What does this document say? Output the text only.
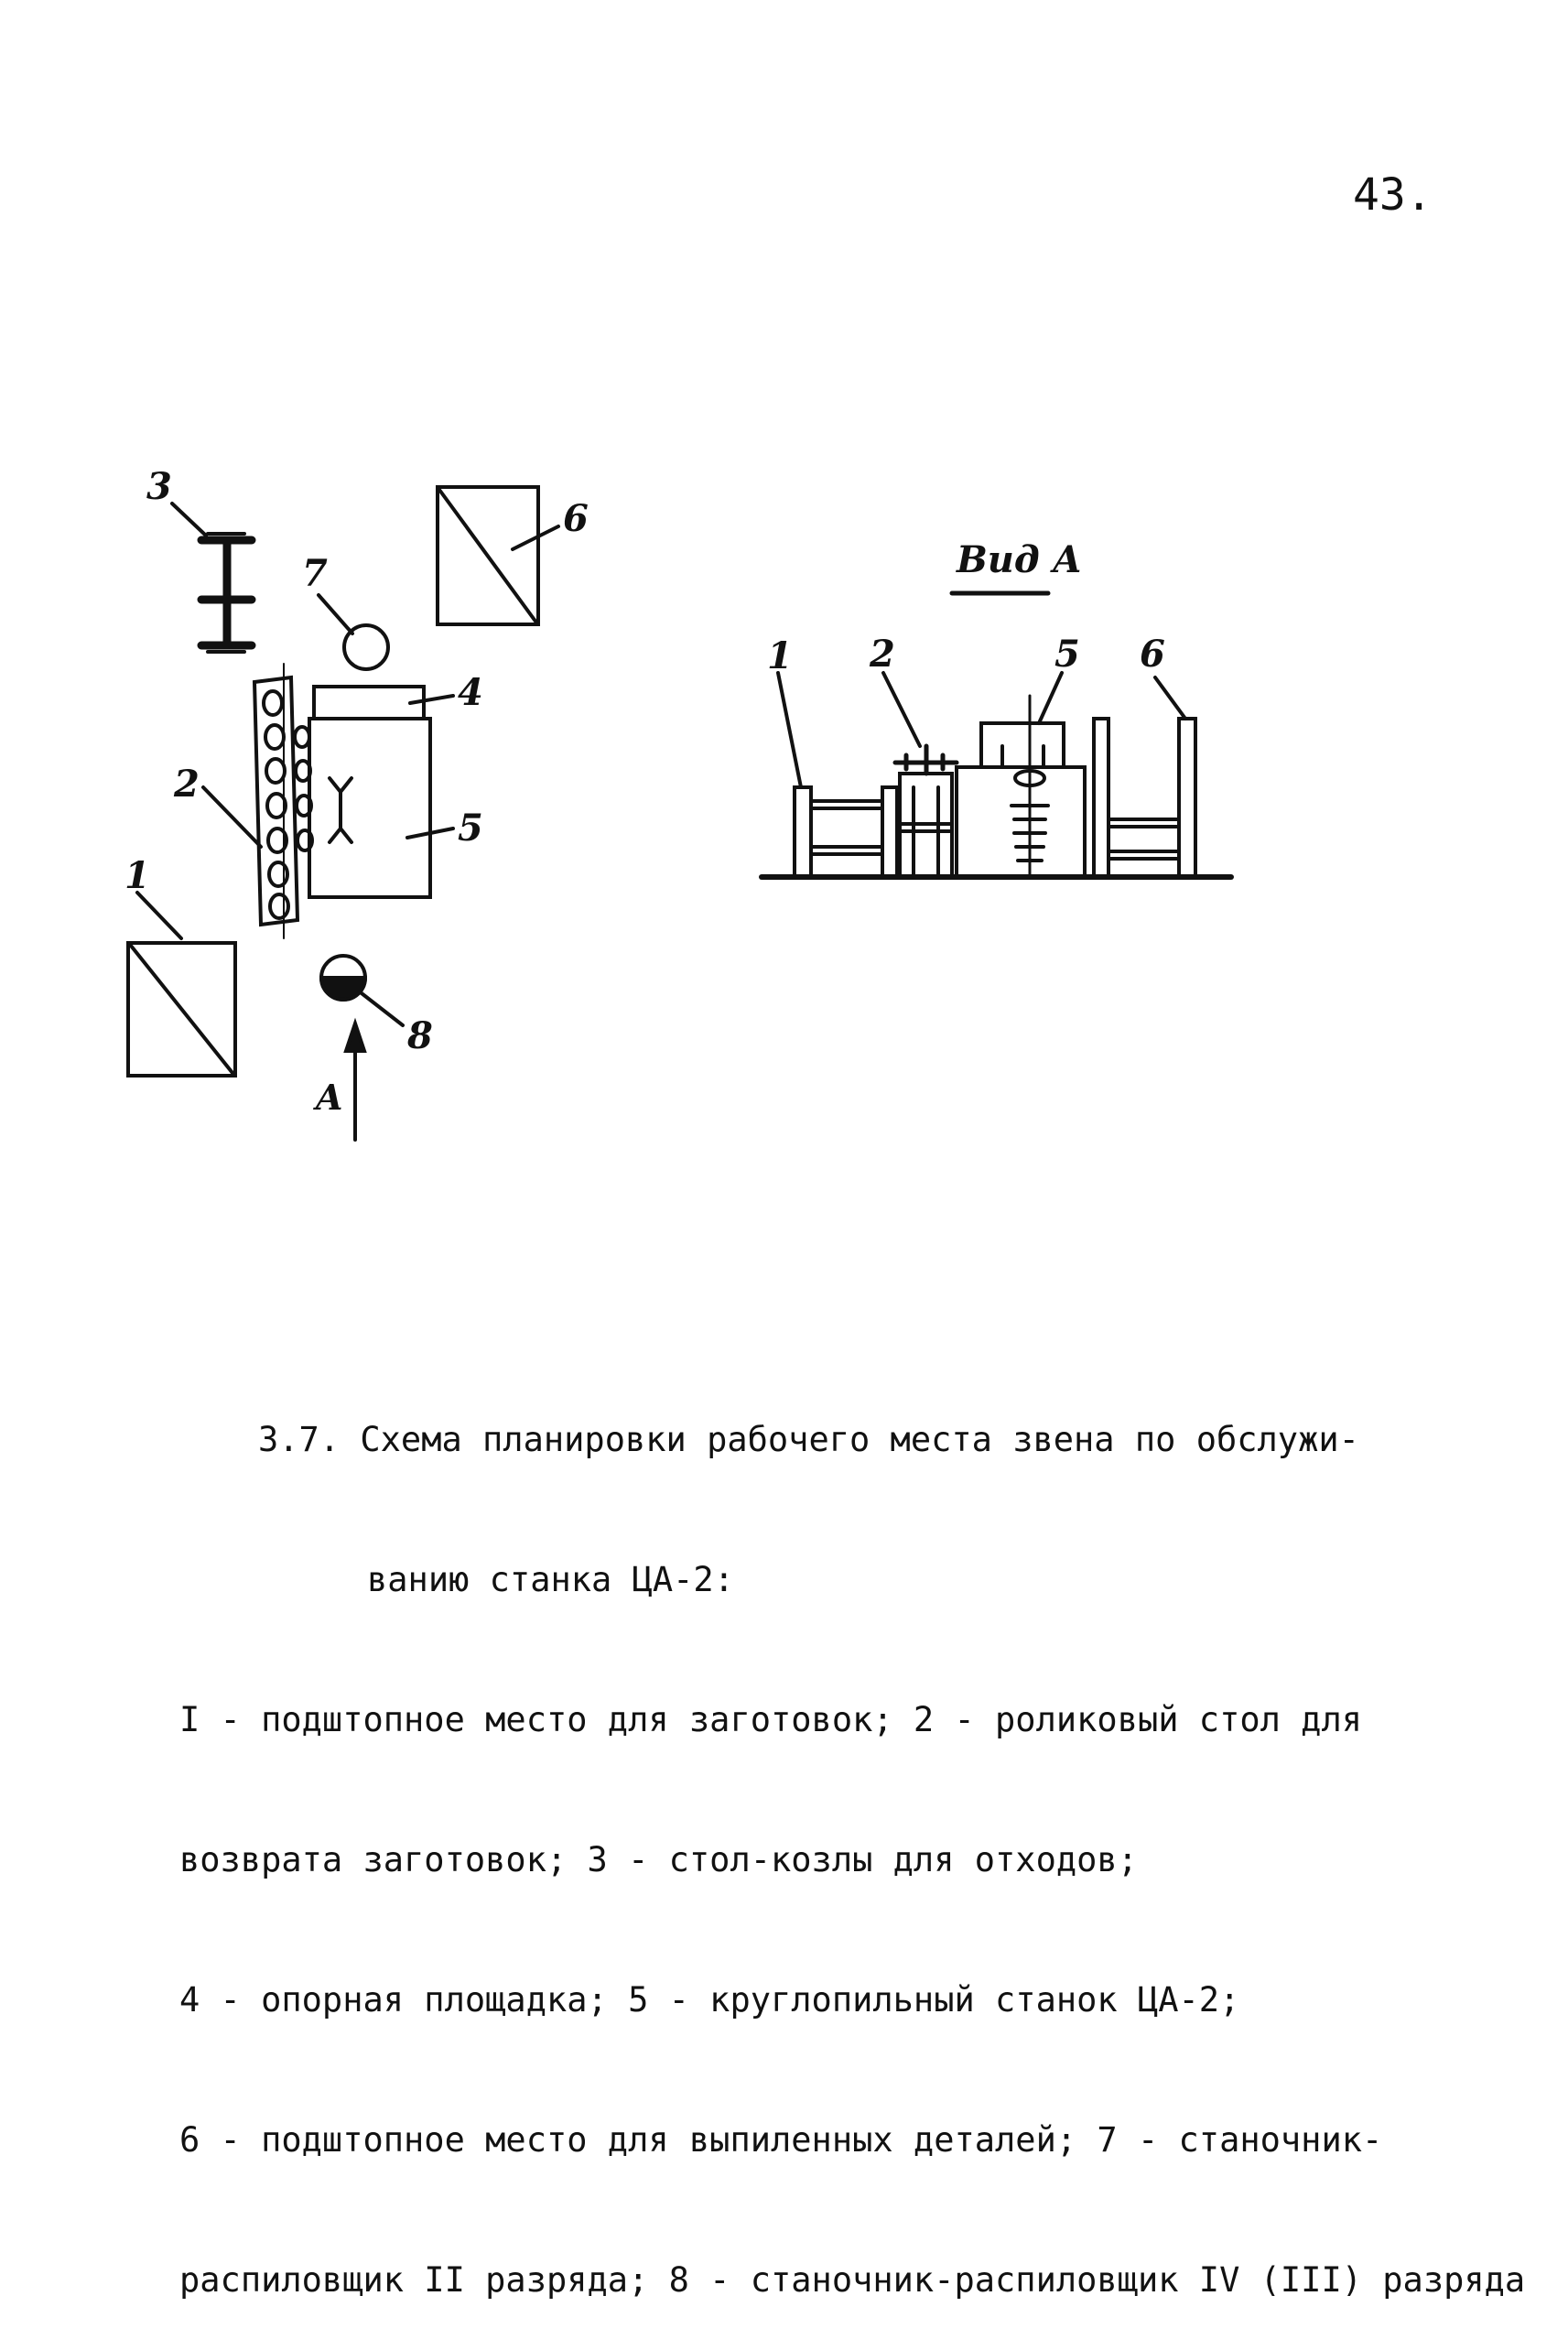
43.
3
6
7
4
5
2
1
8
A
Вид А
1 2	5 6

3.7. Схема планировки рабочего места звена по обслужи-

ванию станка ЦА-2:

I - подштопное место для заготовок; 2 - роликовый стол для

возврата заготовок; 3 - стол-козлы для отходов;

4 - опорная площадка; 5 - круглопильный станок ЦА-2;

6 - подштопное место для выпиленных деталей; 7 - станочник-

распиловщик II разряда; 8 - станочник-распиловщик IV (III) разряда
